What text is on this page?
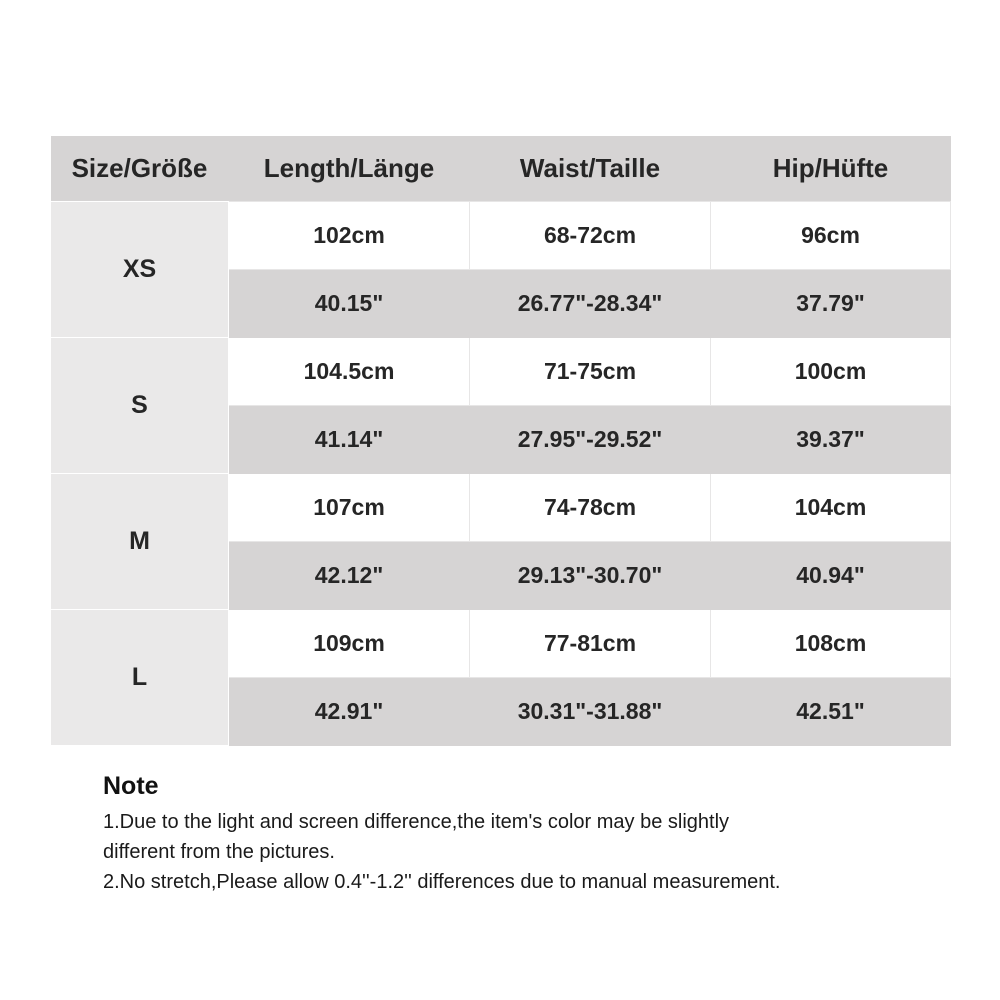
Size/Größe	Length/Länge	Waist/Taille	Hip/Hüfte
XS	102cm	68-72cm	96cm
	40.15"	26.77"-28.34"	37.79"
S	104.5cm	71-75cm	100cm
	41.14"	27.95"-29.52"	39.37"
M	107cm	74-78cm	104cm
	42.12"	29.13"-30.70"	40.94"
L	109cm	77-81cm	108cm
	42.91"	30.31"-31.88"	42.51"
Note

1.Due to the light and screen difference,the item's color may be slightly

different from the pictures.

2.No stretch,Please allow 0.4''-1.2'' differences due to manual measurement.
